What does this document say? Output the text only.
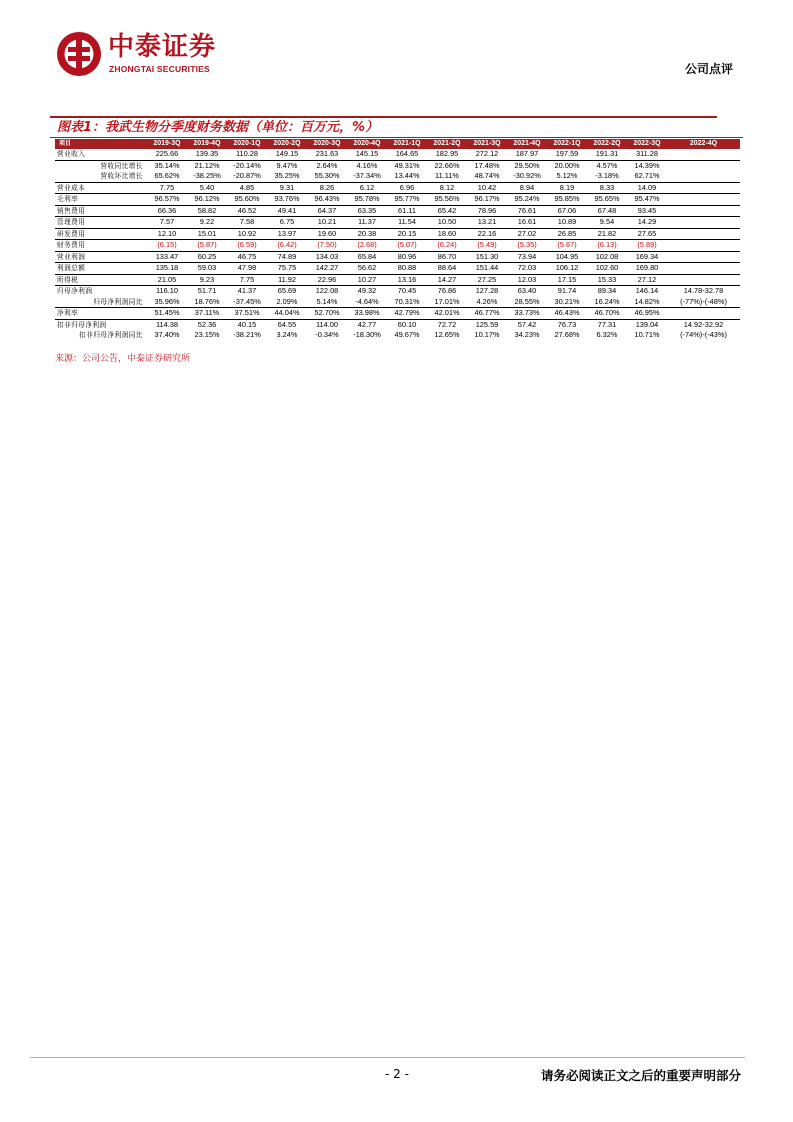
中泰证券
ZHONGTAI SECURITIES	公司点评
图表1：我武生物分季度财务数据（单位：百万元，%）
项目	2019-3Q	2019-4Q	2020-1Q	2020-2Q	2020-3Q	2020-4Q	2021-1Q	2021-2Q	2021-3Q	2021-4Q	2022-1Q	2022-2Q	2022-3Q	2022-4Q
营业收入	225.66	139.35	110.28	149.15	231.63	145.15	164.65	182.95	272.12	187.97	197.59	191.31	311.28	
营收同比增长	35.14%	21.12%	-20.14%	9.47%	2.64%	4.16%	49.31%	22.66%	17.48%	29.50%	20.00%	4.57%	14.39%	
营收环比增长	65.62%	-38.25%	-20.87%	35.25%	55.30%	-37.34%	13.44%	11.11%	48.74%	-30.92%	5.12%	-3.18%	62.71%	
营业成本	7.75	5.40	4.85	9.31	8.26	6.12	6.96	8.12	10.42	8.94	8.19	8.33	14.09	
毛利率	96.57%	96.12%	95.60%	93.76%	96.43%	95.78%	95.77%	95.56%	96.17%	95.24%	95.85%	95.65%	95.47%	
销售费用	66.36	58.82	46.52	49.41	64.37	63.35	61.11	65.42	78.96	76.61	67.06	67.48	93.45	
管理费用	7.57	9.22	7.58	6.75	10.21	11.37	11.54	10.50	13.21	16.61	10.89	9.54	14.29	
研发费用	12.10	15.01	10.92	13.97	19.60	20.38	20.15	18.60	22.16	27.02	26.85	21.82	27.65	
财务费用	(6.15)	(5.87)	(6.59)	(6.42)	(7.50)	(2.68)	(5.07)	(6.24)	(5.49)	(5.35)	(5.67)	(6.13)	(5.89)	
营业利润	133.47	60.25	46.75	74.89	134.03	65.84	80.96	86.70	151.30	73.94	104.95	102.08	169.34	
利润总额	135.18	59.03	47.98	75.75	142.27	56.62	80.88	88.64	151.44	72.03	106.12	102.60	169.80	
所得税	21.05	9.23	7.75	11.92	22.96	10.27	13.16	14.27	27.25	12.03	17.15	15.33	27.12	
归母净利润	116.10	51.71	41.37	65.69	122.08	49.32	70.45	76.86	127.28	63.40	91.74	89.34	146.14	14.78-32.78
归母净利润同比	35.96%	18.76%	-37.45%	2.09%	5.14%	-4.64%	70.31%	17.01%	4.26%	28.55%	30.21%	16.24%	14.82%	(-77%)-(-48%)
净利率	51.45%	37.11%	37.51%	44.04%	52.70%	33.98%	42.79%	42.01%	46.77%	33.73%	46.43%	46.70%	46.95%	
扣非归母净利润	114.38	52.36	40.15	64.55	114.00	42.77	60.10	72.72	125.59	57.42	76.73	77.31	139.04	14.92-32.92
扣非归母净利润同比	37.40%	23.15%	-38.21%	3.24%	-0.34%	-18.30%	49.67%	12.65%	10.17%	34.23%	27.68%	6.32%	10.71%	(-74%)-(-43%)
来源：公司公告，中泰证券研究所
- 2 -	请务必阅读正文之后的重要声明部分
